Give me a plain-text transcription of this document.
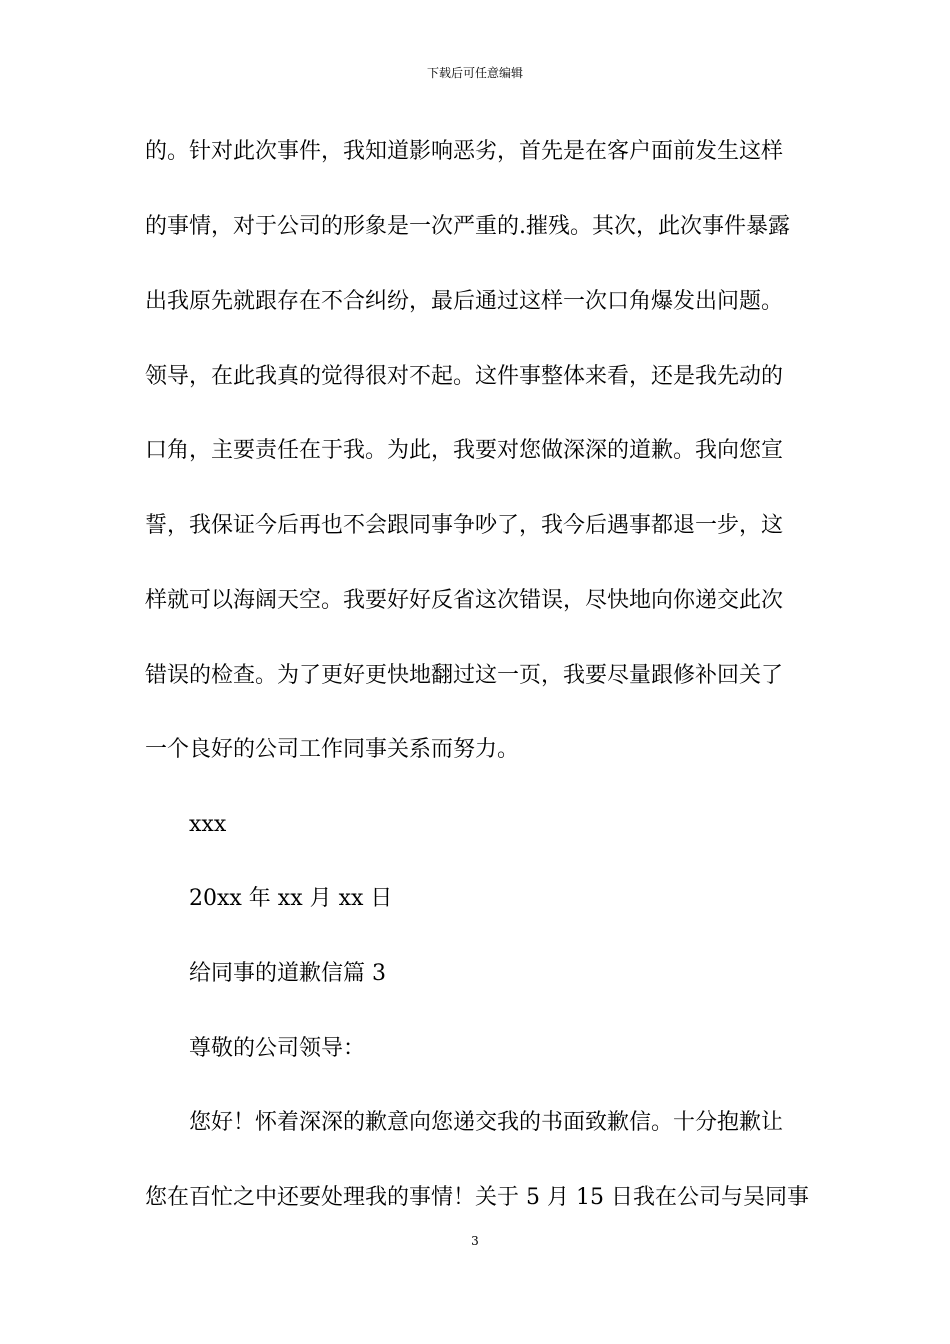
下载后可任意编辑
的。针对此次事件，我知道影响恶劣，首先是在客户面前发生这样
的事情，对于公司的形象是一次严重的.摧残。其次，此次事件暴露
出我原先就跟存在不合纠纷，最后通过这样一次口角爆发出问题。
领导，在此我真的觉得很对不起。这件事整体来看，还是我先动的
口角，主要责任在于我。为此，我要对您做深深的道歉。我向您宣
誓，我保证今后再也不会跟同事争吵了，我今后遇事都退一步，这
样就可以海阔天空。我要好好反省这次错误，尽快地向你递交此次
错误的检查。为了更好更快地翻过这一页，我要尽量跟修补回关了
一个良好的公司工作同事关系而努力。
xxx
20xx 年 xx 月 xx 日
给同事的道歉信篇 3
尊敬的公司领导：
您好！怀着深深的歉意向您递交我的书面致歉信。十分抱歉让
您在百忙之中还要处理我的事情！关于 5 月 15 日我在公司与吴同事
3
